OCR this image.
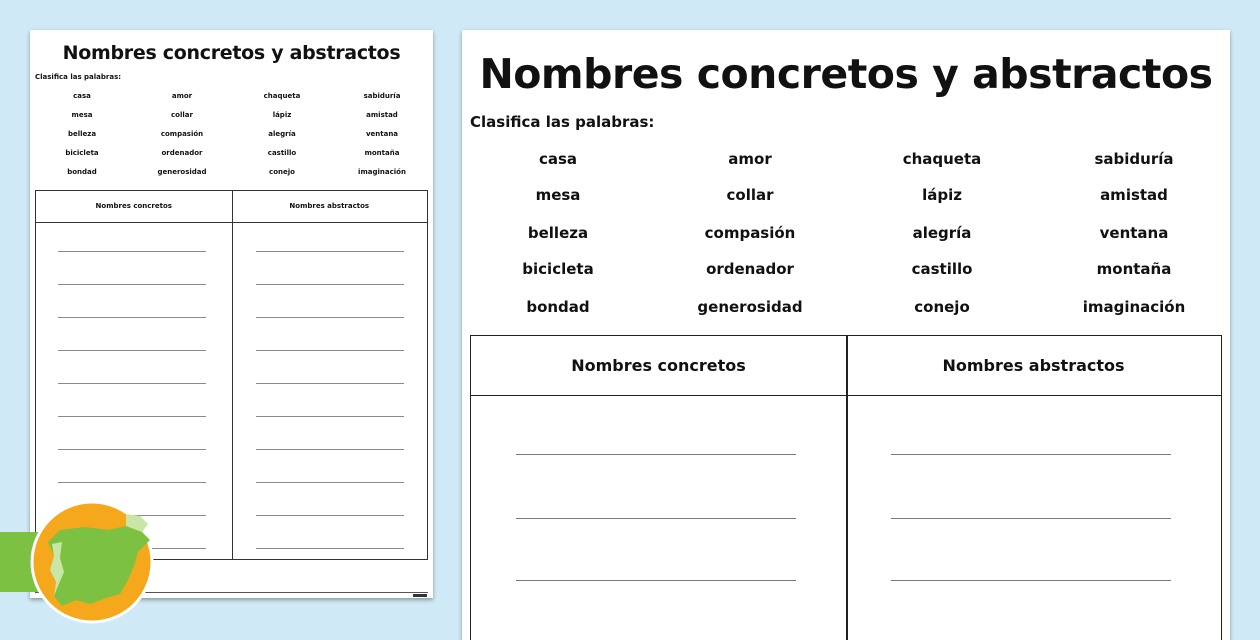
Nombres concretos y abstractos
Clasifica las palabras:
casa	amor	chaqueta	sabiduría
mesa	collar	lápiz	amistad
belleza	compasión	alegría	ventana
bicicleta	ordenador	castillo	montaña
bondad	generosidad	conejo	imaginación
Nombres concretos	Nombres abstractos
Nombres concretos y abstractos
Clasifica las palabras:
casa	amor	chaqueta	sabiduría
mesa	collar	lápiz	amistad
belleza	compasión	alegría	ventana
bicicleta	ordenador	castillo	montaña
bondad	generosidad	conejo	imaginación
Nombres concretos	Nombres abstractos
